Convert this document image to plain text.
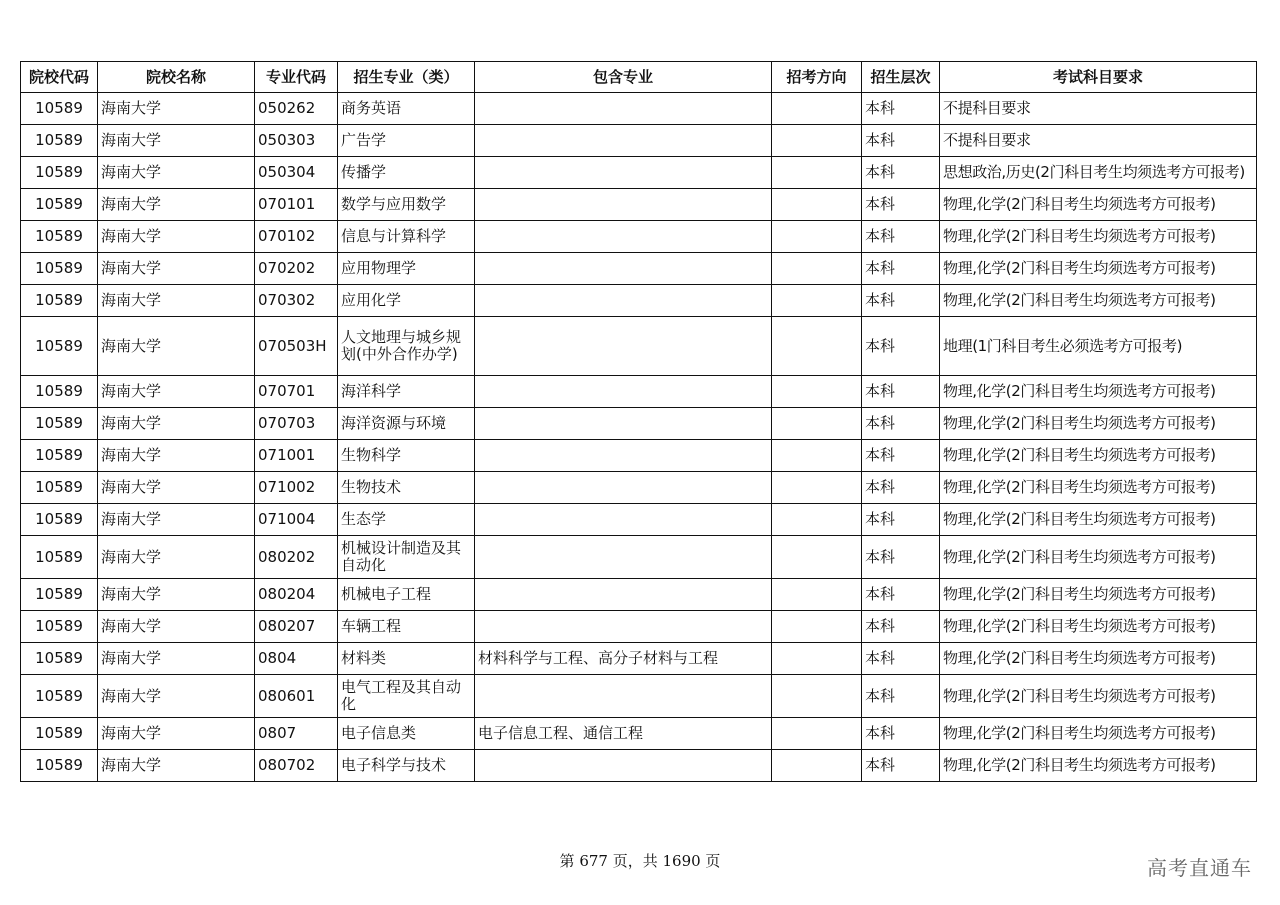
院校代码	院校名称	专业代码	招生专业（类）	包含专业	招考方向	招生层次	考试科目要求
10589	海南大学	050262	商务英语			本科	不提科目要求
10589	海南大学	050303	广告学			本科	不提科目要求
10589	海南大学	050304	传播学			本科	思想政治,历史(2门科目考生均须选考方可报考)
10589	海南大学	070101	数学与应用数学			本科	物理,化学(2门科目考生均须选考方可报考)
10589	海南大学	070102	信息与计算科学			本科	物理,化学(2门科目考生均须选考方可报考)
10589	海南大学	070202	应用物理学			本科	物理,化学(2门科目考生均须选考方可报考)
10589	海南大学	070302	应用化学			本科	物理,化学(2门科目考生均须选考方可报考)
10589	海南大学	070503H	人文地理与城乡规划(中外合作办学)			本科	地理(1门科目考生必须选考方可报考)
10589	海南大学	070701	海洋科学			本科	物理,化学(2门科目考生均须选考方可报考)
10589	海南大学	070703	海洋资源与环境			本科	物理,化学(2门科目考生均须选考方可报考)
10589	海南大学	071001	生物科学			本科	物理,化学(2门科目考生均须选考方可报考)
10589	海南大学	071002	生物技术			本科	物理,化学(2门科目考生均须选考方可报考)
10589	海南大学	071004	生态学			本科	物理,化学(2门科目考生均须选考方可报考)
10589	海南大学	080202	机械设计制造及其自动化			本科	物理,化学(2门科目考生均须选考方可报考)
10589	海南大学	080204	机械电子工程			本科	物理,化学(2门科目考生均须选考方可报考)
10589	海南大学	080207	车辆工程			本科	物理,化学(2门科目考生均须选考方可报考)
10589	海南大学	0804	材料类	材料科学与工程、高分子材料与工程		本科	物理,化学(2门科目考生均须选考方可报考)
10589	海南大学	080601	电气工程及其自动化			本科	物理,化学(2门科目考生均须选考方可报考)
10589	海南大学	0807	电子信息类	电子信息工程、通信工程		本科	物理,化学(2门科目考生均须选考方可报考)
10589	海南大学	080702	电子科学与技术			本科	物理,化学(2门科目考生均须选考方可报考)
第 677 页，共 1690 页	高考直通车
